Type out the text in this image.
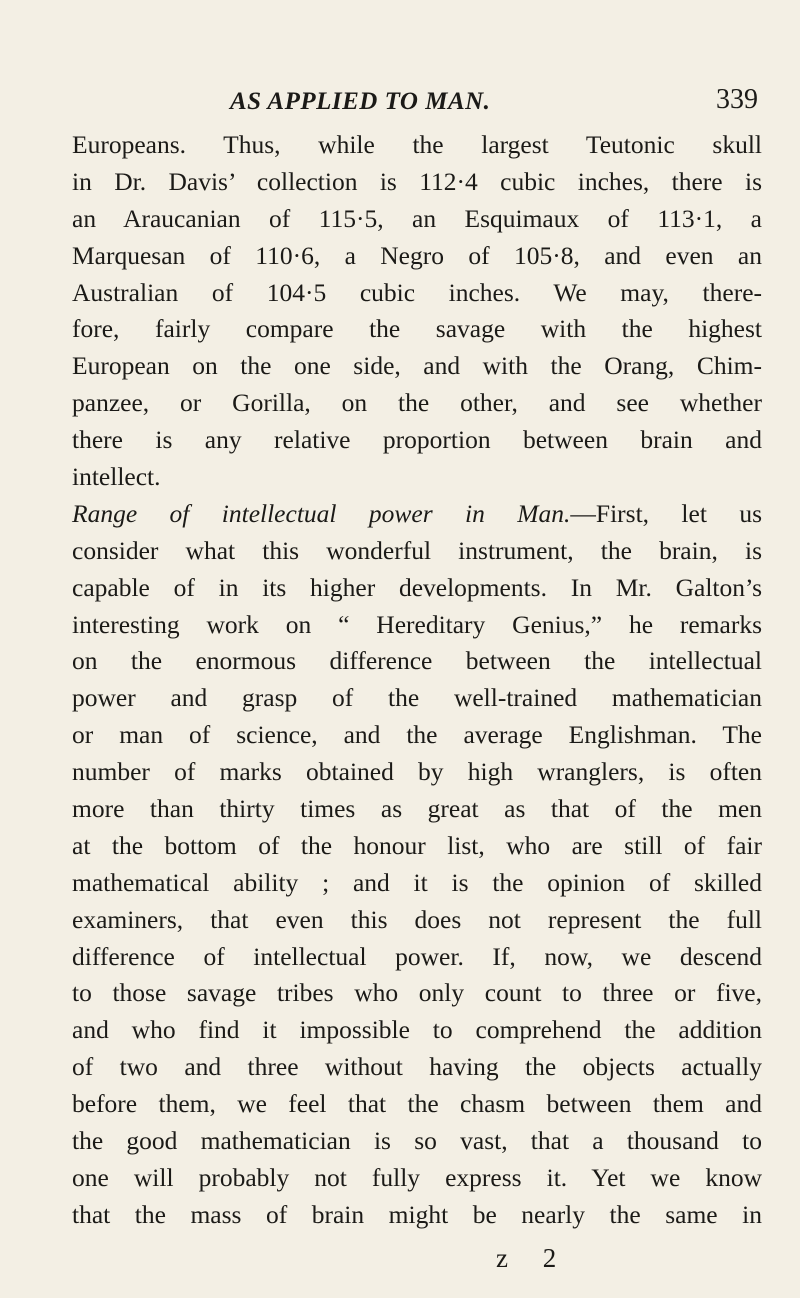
AS APPLIED TO MAN.	339
Europeans. Thus, while the largest Teutonic skull
in Dr. Davis’ collection is 112·4 cubic inches, there is
an Araucanian of 115·5, an Esquimaux of 113·1, a
Marquesan of 110·6, a Negro of 105·8, and even an
Australian of 104·5 cubic inches. We may, there-
fore, fairly compare the savage with the highest
European on the one side, and with the Orang, Chim-
panzee, or Gorilla, on the other, and see whether
there is any relative proportion between brain and
intellect.
Range of intellectual power in Man.—First, let us
consider what this wonderful instrument, the brain, is
capable of in its higher developments. In Mr. Galton’s
interesting work on “ Hereditary Genius,” he remarks
on the enormous difference between the intellectual
power and grasp of the well-trained mathematician
or man of science, and the average Englishman. The
number of marks obtained by high wranglers, is often
more than thirty times as great as that of the men
at the bottom of the honour list, who are still of fair
mathematical ability ; and it is the opinion of skilled
examiners, that even this does not represent the full
difference of intellectual power. If, now, we descend
to those savage tribes who only count to three or five,
and who find it impossible to comprehend the addition
of two and three without having the objects actually
before them, we feel that the chasm between them and
the good mathematician is so vast, that a thousand to
one will probably not fully express it. Yet we know
that the mass of brain might be nearly the same in
z 2
